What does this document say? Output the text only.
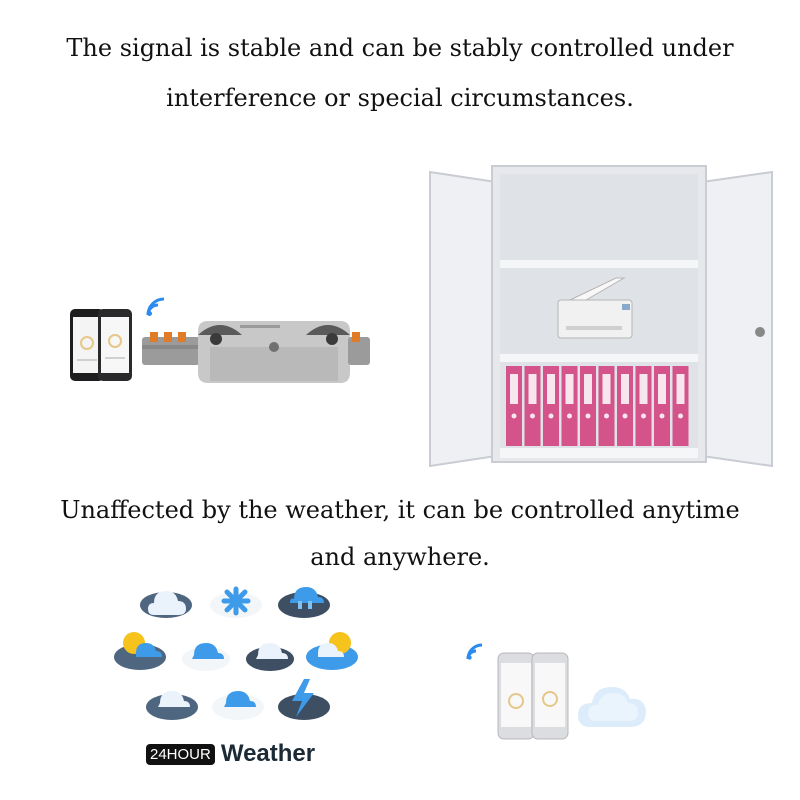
The signal is stable and can be stably controlled under
interference or special circumstances.
Unaffected by the weather, it can be controlled anytime
and anywhere.
24HOUR Weather
